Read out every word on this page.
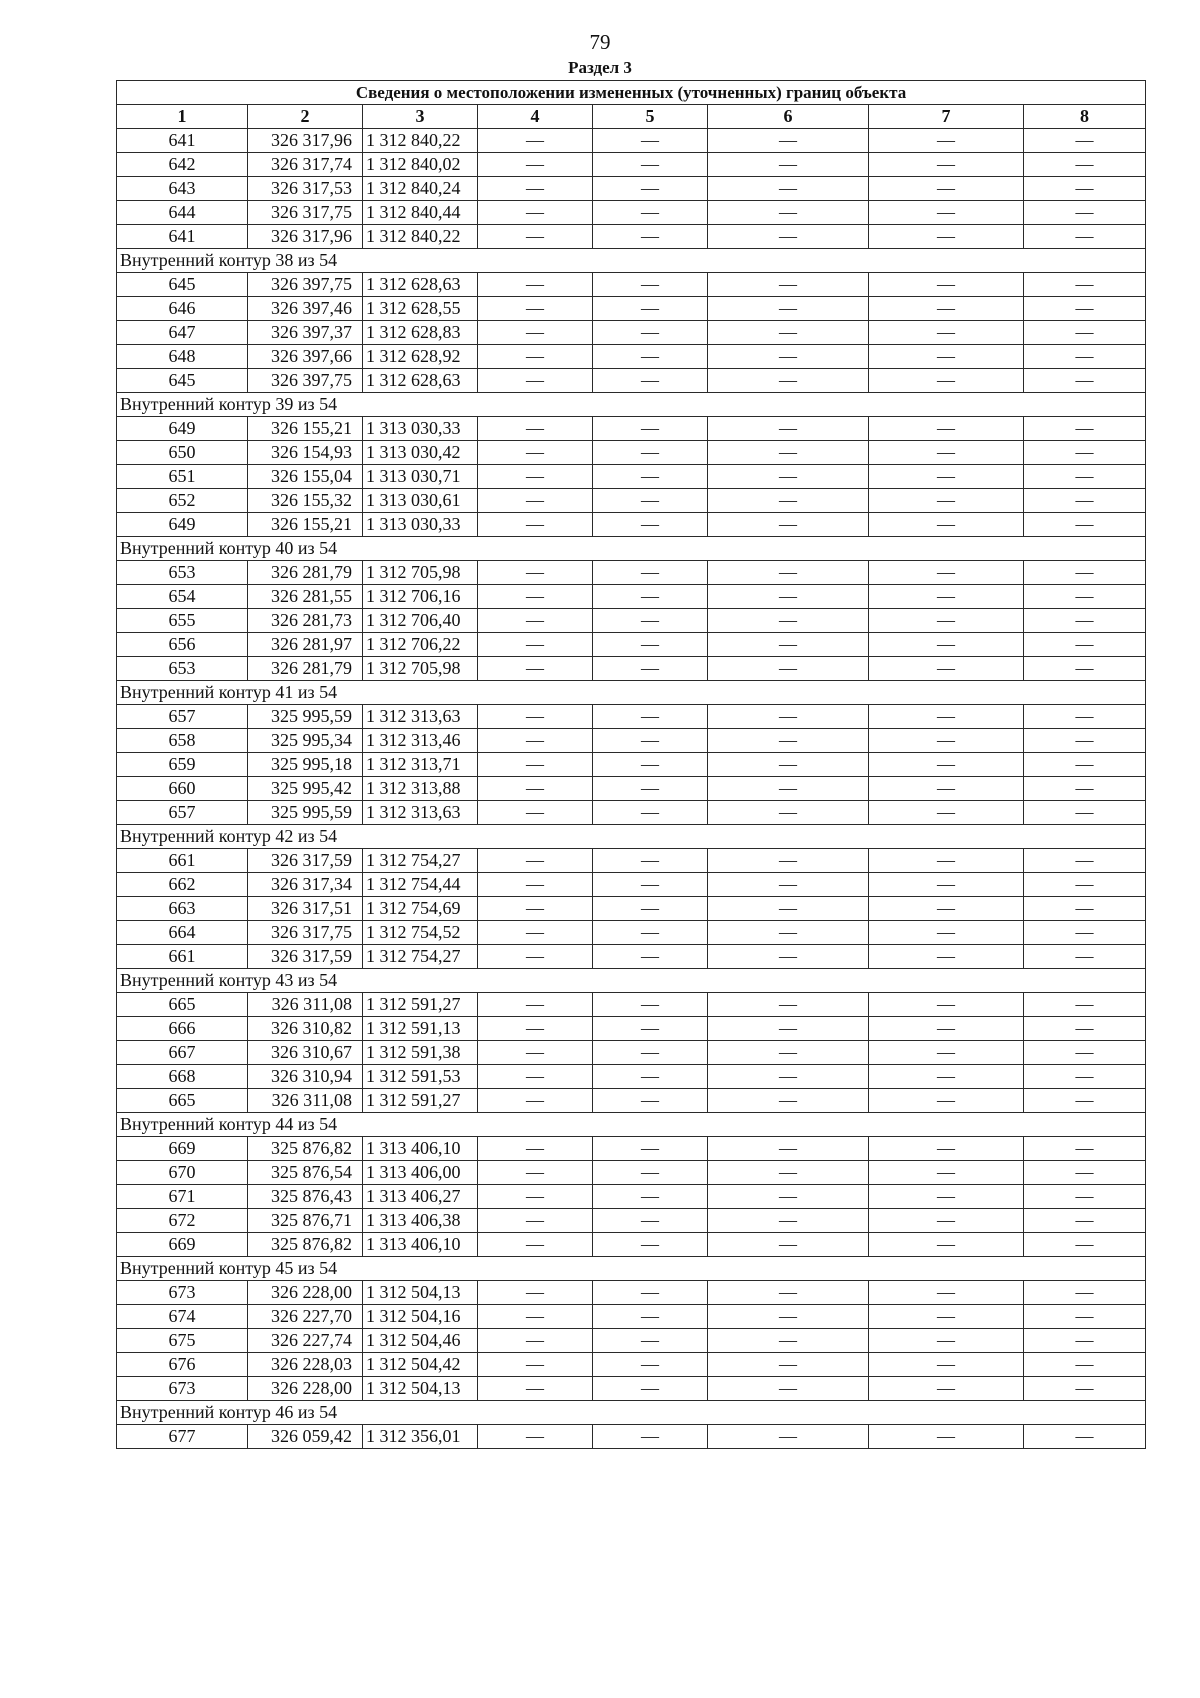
79
Раздел 3
Сведения о местоположении измененных (уточненных) границ объекта							
1	2	3	4	5	6	7	8
641	326 317,96	1 312 840,22	—	—	—	—	—
642	326 317,74	1 312 840,02	—	—	—	—	—
643	326 317,53	1 312 840,24	—	—	—	—	—
644	326 317,75	1 312 840,44	—	—	—	—	—
641	326 317,96	1 312 840,22	—	—	—	—	—
Внутренний контур 38 из 54							
645	326 397,75	1 312 628,63	—	—	—	—	—
646	326 397,46	1 312 628,55	—	—	—	—	—
647	326 397,37	1 312 628,83	—	—	—	—	—
648	326 397,66	1 312 628,92	—	—	—	—	—
645	326 397,75	1 312 628,63	—	—	—	—	—
Внутренний контур 39 из 54							
649	326 155,21	1 313 030,33	—	—	—	—	—
650	326 154,93	1 313 030,42	—	—	—	—	—
651	326 155,04	1 313 030,71	—	—	—	—	—
652	326 155,32	1 313 030,61	—	—	—	—	—
649	326 155,21	1 313 030,33	—	—	—	—	—
Внутренний контур 40 из 54							
653	326 281,79	1 312 705,98	—	—	—	—	—
654	326 281,55	1 312 706,16	—	—	—	—	—
655	326 281,73	1 312 706,40	—	—	—	—	—
656	326 281,97	1 312 706,22	—	—	—	—	—
653	326 281,79	1 312 705,98	—	—	—	—	—
Внутренний контур 41 из 54							
657	325 995,59	1 312 313,63	—	—	—	—	—
658	325 995,34	1 312 313,46	—	—	—	—	—
659	325 995,18	1 312 313,71	—	—	—	—	—
660	325 995,42	1 312 313,88	—	—	—	—	—
657	325 995,59	1 312 313,63	—	—	—	—	—
Внутренний контур 42 из 54							
661	326 317,59	1 312 754,27	—	—	—	—	—
662	326 317,34	1 312 754,44	—	—	—	—	—
663	326 317,51	1 312 754,69	—	—	—	—	—
664	326 317,75	1 312 754,52	—	—	—	—	—
661	326 317,59	1 312 754,27	—	—	—	—	—
Внутренний контур 43 из 54							
665	326 311,08	1 312 591,27	—	—	—	—	—
666	326 310,82	1 312 591,13	—	—	—	—	—
667	326 310,67	1 312 591,38	—	—	—	—	—
668	326 310,94	1 312 591,53	—	—	—	—	—
665	326 311,08	1 312 591,27	—	—	—	—	—
Внутренний контур 44 из 54							
669	325 876,82	1 313 406,10	—	—	—	—	—
670	325 876,54	1 313 406,00	—	—	—	—	—
671	325 876,43	1 313 406,27	—	—	—	—	—
672	325 876,71	1 313 406,38	—	—	—	—	—
669	325 876,82	1 313 406,10	—	—	—	—	—
Внутренний контур 45 из 54							
673	326 228,00	1 312 504,13	—	—	—	—	—
674	326 227,70	1 312 504,16	—	—	—	—	—
675	326 227,74	1 312 504,46	—	—	—	—	—
676	326 228,03	1 312 504,42	—	—	—	—	—
673	326 228,00	1 312 504,13	—	—	—	—	—
Внутренний контур 46 из 54							
677	326 059,42	1 312 356,01	—	—	—	—	—
